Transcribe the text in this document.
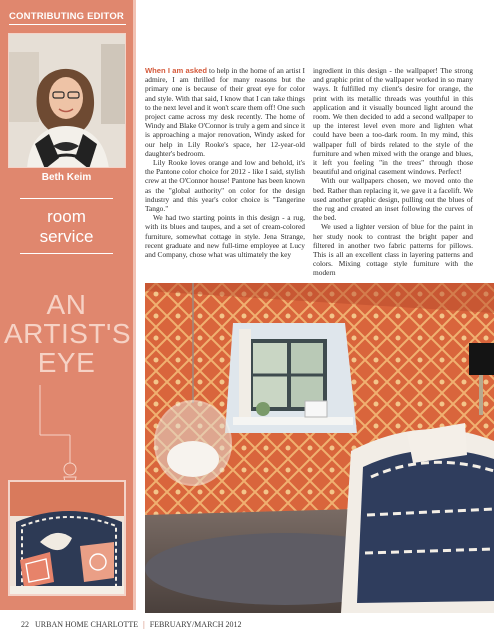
CONTRIBUTING EDITOR
Beth Keim
room
service
AN
ARTIST'S
EYE

When I am asked to help in the home of an artist I admire, I am thrilled for many reasons but the primary one is because of their great eye for color and style. With that said, I know that I can take things to the next level and it won't scare them off! One such project came across my desk recently. The home of Windy and Blake O'Connor is truly a gem and since it is approaching a major renovation, Windy asked for our help in Lily Rooke's space, her 12-year-old daughter's bedroom.

Lily Rooke loves orange and low and behold, it's the Pantone color choice for 2012 - like I said, stylish crew at the O'Connor house! Pantone has been known as the "global authority" on color for the design industry and this year's color choice is "Tangerine Tango."

We had two starting points in this design - a rug, with its blues and taupes, and a set of cream-colored furniture, somewhat cottage in style. Jena Strange, recent graduate and new full-time employee at Lucy and Company, chose what was ultimately the key

ingredient in this design - the wallpaper! The strong and graphic print of the wallpaper worked in so many ways. It fulfilled my client's desire for orange, the print with its metallic threads was youthful in this application and it visually bounced light around the room. We then decided to add a second wallpaper to up the interest level even more and lighten what could have been a too-dark room. In my mind, this wallpaper full of birds related to the style of the furniture and when mixed with the orange and blues, it left you feeling "in the trees" through those beautiful and original casement windows. Perfect!

With our wallpapers chosen, we moved onto the bed. Rather than replacing it, we gave it a facelift. We used another graphic design, pulling out the blues of the rug and created an inset following the curves of the bed.

We used a lighter version of blue for the paint in her study nook to contrast the bright paper and filtered in another two fabric patterns for pillows. This is all an excellent class in layering patterns and colors. Mixing cottage style furniture with the modern

22 URBAN HOME CHARLOTTE | FEBRUARY/MARCH 2012
